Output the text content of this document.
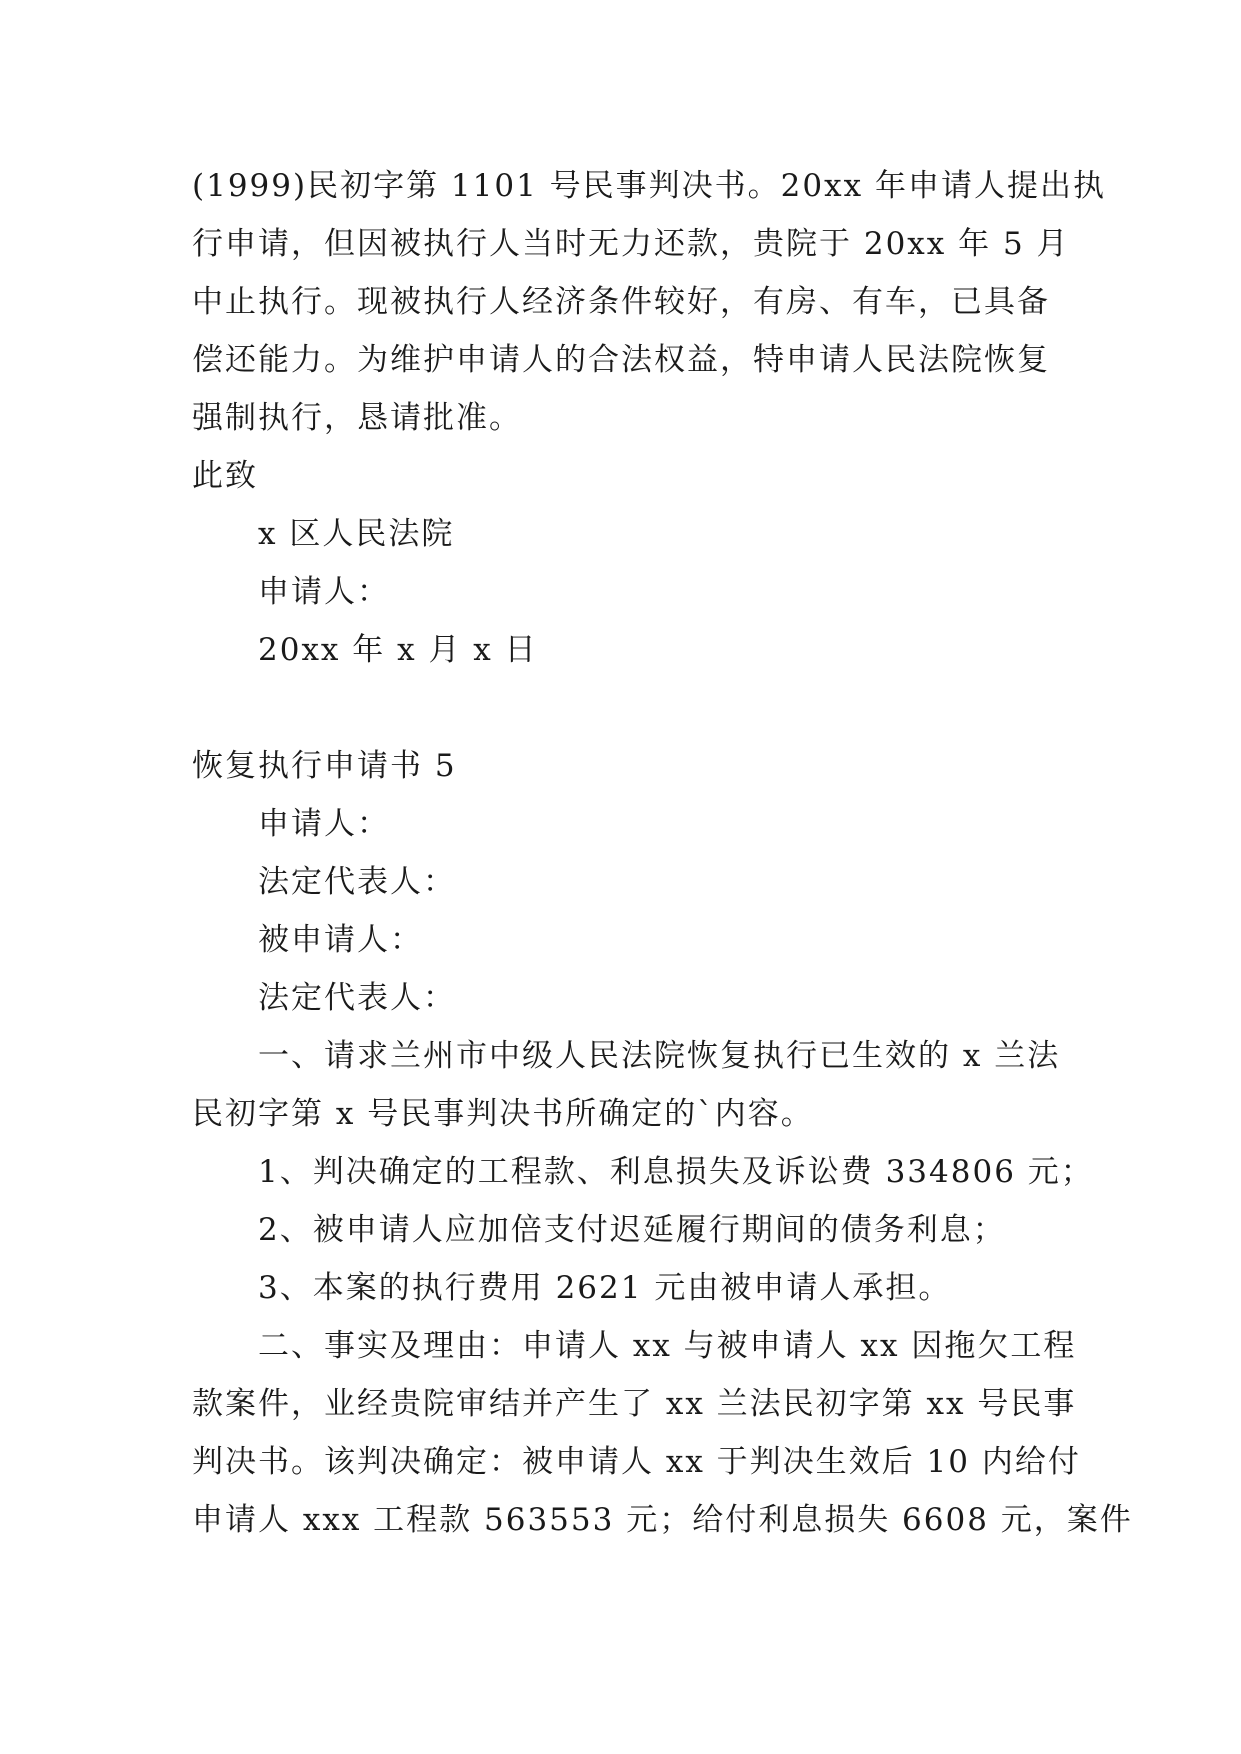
(1999)民初字第 1101 号民事判决书。20xx 年申请人提出执
行申请，但因被执行人当时无力还款，贵院于 20xx 年 5 月
中止执行。现被执行人经济条件较好，有房、有车，已具备
偿还能力。为维护申请人的合法权益，特申请人民法院恢复
强制执行，恳请批准。
此致
x 区人民法院
申请人：
20xx 年 x 月 x 日
恢复执行申请书 5
申请人：
法定代表人：
被申请人：
法定代表人：
一、请求兰州市中级人民法院恢复执行已生效的 x 兰法
民初字第 x 号民事判决书所确定的`内容。
1、判决确定的工程款、利息损失及诉讼费 334806 元；
2、被申请人应加倍支付迟延履行期间的债务利息；
3、本案的执行费用 2621 元由被申请人承担。
二、事实及理由：申请人 xx 与被申请人 xx 因拖欠工程
款案件，业经贵院审结并产生了 xx 兰法民初字第 xx 号民事
判决书。该判决确定：被申请人 xx 于判决生效后 10 内给付
申请人 xxx 工程款 563553 元；给付利息损失 6608 元，案件
